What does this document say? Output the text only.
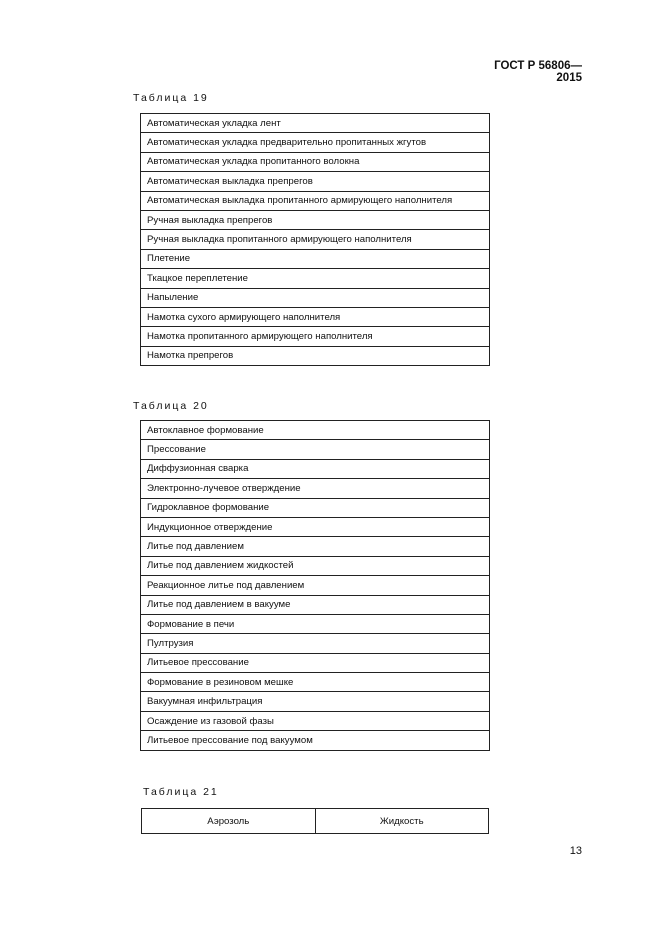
ГОСТ Р 56806—2015
Таблица 19
Автоматическая укладка лент
Автоматическая укладка предварительно пропитанных жгутов
Автоматическая укладка пропитанного волокна
Автоматическая выкладка препрегов
Автоматическая выкладка пропитанного армирующего наполнителя
Ручная выкладка препрегов
Ручная выкладка пропитанного армирующего наполнителя
Плетение
Ткацкое переплетение
Напыление
Намотка сухого армирующего наполнителя
Намотка пропитанного армирующего наполнителя
Намотка препрегов
Таблица 20
Автоклавное формование
Прессование
Диффузионная сварка
Электронно-лучевое отверждение
Гидроклавное формование
Индукционное отверждение
Литье под давлением
Литье под давлением жидкостей
Реакционное литье под давлением
Литье под давлением в вакууме
Формование в печи
Пултрузия
Литьевое прессование
Формование в резиновом мешке
Вакуумная инфильтрация
Осаждение из газовой фазы
Литьевое прессование под вакуумом
Таблица 21
Аэрозоль	Жидкость
13
